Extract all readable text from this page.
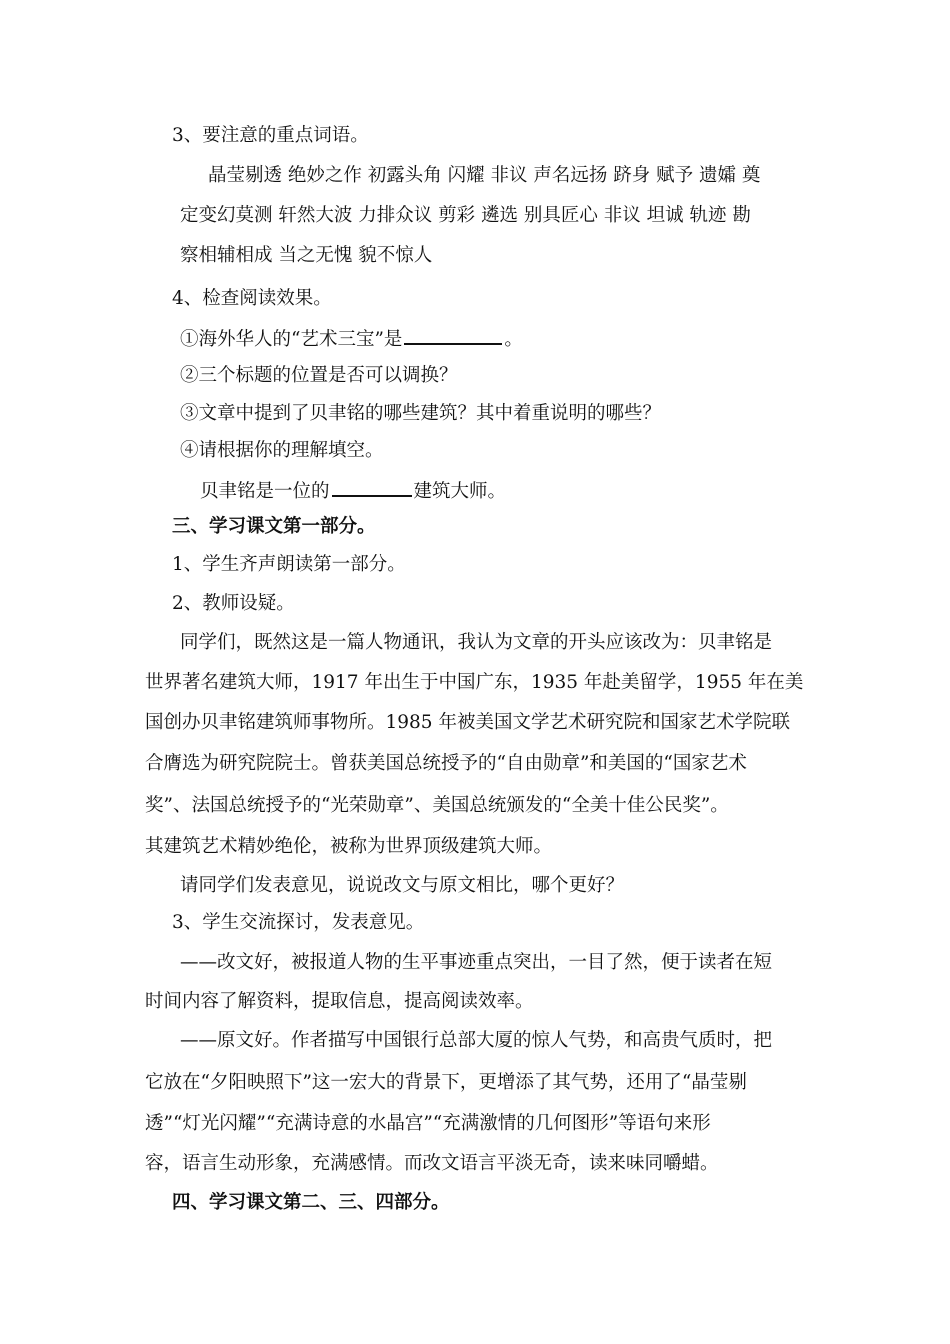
3、要注意的重点词语。
晶莹剔透 绝妙之作 初露头角 闪耀 非议 声名远扬 跻身 赋予 遗孀 奠
定变幻莫测 轩然大波 力排众议 剪彩 遴选 别具匠心 非议 坦诚 轨迹 勘
察相辅相成 当之无愧 貌不惊人
4、检查阅读效果。
①海外华人的“艺术三宝”是	。
②三个标题的位置是否可以调换？
③文章中提到了贝聿铭的哪些建筑？其中着重说明的哪些？
④请根据你的理解填空。
贝聿铭是一位的	建筑大师。
三、学习课文第一部分。
1、学生齐声朗读第一部分。
2、教师设疑。
同学们，既然这是一篇人物通讯，我认为文章的开头应该改为：贝聿铭是
世界著名建筑大师，1917 年出生于中国广东，1935 年赴美留学，1955 年在美
国创办贝聿铭建筑师事物所。1985 年被美国文学艺术研究院和国家艺术学院联
合膺选为研究院院士。曾获美国总统授予的“自由勋章”和美国的“国家艺术
奖”、法国总统授予的“光荣勋章”、美国总统颁发的“全美十佳公民奖”。
其建筑艺术精妙绝伦，被称为世界顶级建筑大师。
请同学们发表意见，说说改文与原文相比，哪个更好？
3、学生交流探讨，发表意见。
——改文好，被报道人物的生平事迹重点突出，一目了然，便于读者在短
时间内容了解资料，提取信息，提高阅读效率。
——原文好。作者描写中国银行总部大厦的惊人气势，和高贵气质时，把
它放在“夕阳映照下”这一宏大的背景下，更增添了其气势，还用了“晶莹剔
透”“灯光闪耀”“充满诗意的水晶宫”“充满激情的几何图形”等语句来形
容，语言生动形象，充满感情。而改文语言平淡无奇，读来味同嚼蜡。
四、学习课文第二、三、四部分。
